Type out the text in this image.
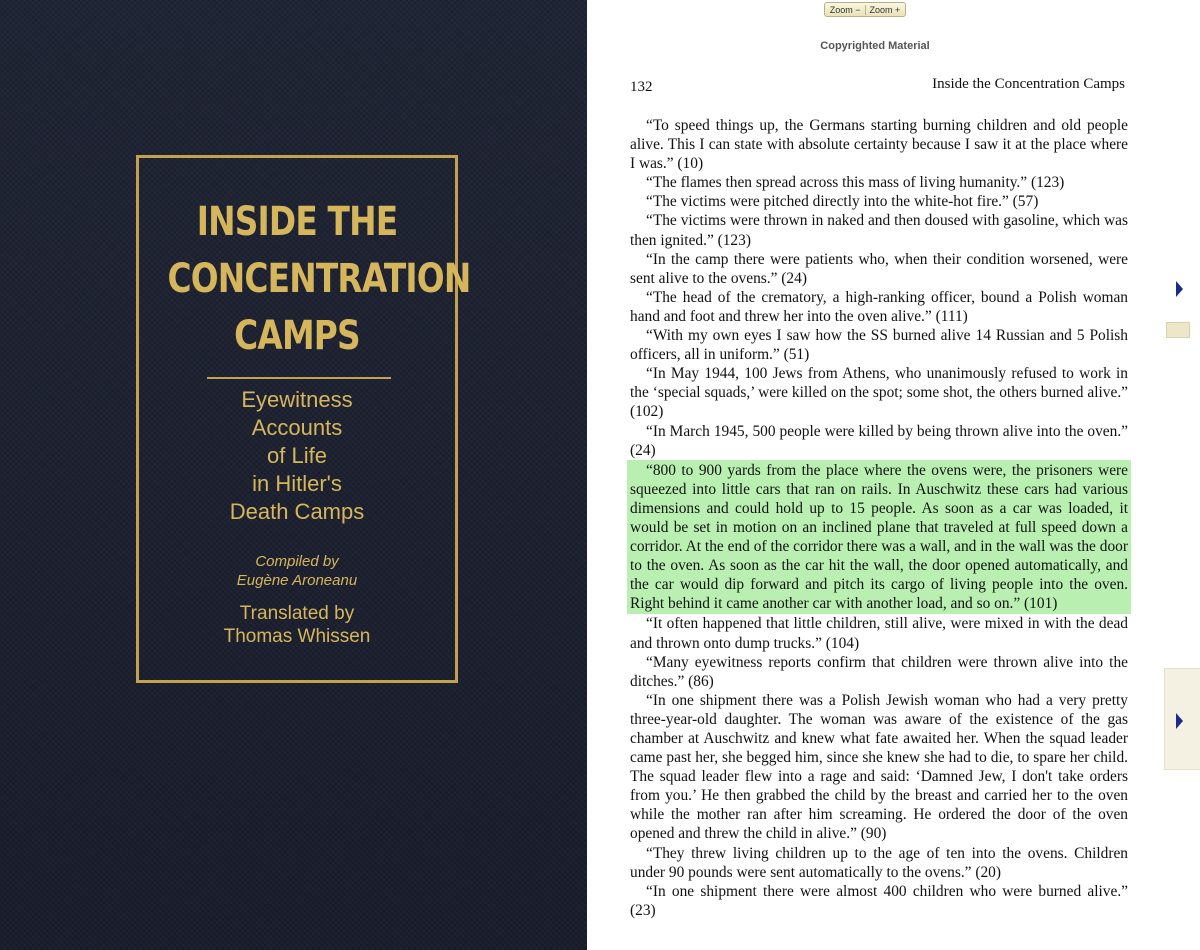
INSIDE THE
CONCENTRATION
CAMPS
Eyewitness
Accounts
of Life
in Hitler's
Death Camps
Compiled by
Eugène Aroneanu
Translated by
Thomas Whissen
Zoom −	Zoom +
Copyrighted Material
132	Inside the Concentration Camps

“To speed things up, the Germans starting burning children and old people alive. This I can state with absolute certainty because I saw it at the place where I was.” (10)

“The flames then spread across this mass of living humanity.” (123)

“The victims were pitched directly into the white-hot fire.” (57)

“The victims were thrown in naked and then doused with gasoline, which was then ignited.” (123)

“In the camp there were patients who, when their condition worsened, were sent alive to the ovens.” (24)

“The head of the crematory, a high-ranking officer, bound a Polish woman hand and foot and threw her into the oven alive.” (111)

“With my own eyes I saw how the SS burned alive 14 Russian and 5 Polish officers, all in uniform.” (51)

“In May 1944, 100 Jews from Athens, who unanimously refused to work in the ‘special squads,’ were killed on the spot; some shot, the others burned alive.” (102)

“In March 1945, 500 people were killed by being thrown alive into the oven.” (24)

“800 to 900 yards from the place where the ovens were, the prisoners were squeezed into little cars that ran on rails. In Auschwitz these cars had various dimensions and could hold up to 15 people. As soon as a car was loaded, it would be set in motion on an inclined plane that traveled at full speed down a corridor. At the end of the corridor there was a wall, and in the wall was the door to the oven. As soon as the car hit the wall, the door opened automatically, and the car would dip forward and pitch its cargo of living people into the oven. Right behind it came another car with another load, and so on.” (101)

“It often happened that little children, still alive, were mixed in with the dead and thrown onto dump trucks.” (104)

“Many eyewitness reports confirm that children were thrown alive into the ditches.” (86)

“In one shipment there was a Polish Jewish woman who had a very pretty three-year-old daughter. The woman was aware of the existence of the gas chamber at Auschwitz and knew what fate awaited her. When the squad leader came past her, she begged him, since she knew she had to die, to spare her child. The squad leader flew into a rage and said: ‘Damned Jew, I don't take orders from you.’ He then grabbed the child by the breast and carried her to the oven while the mother ran after him screaming. He ordered the door of the oven opened and threw the child in alive.” (90)

“They threw living children up to the age of ten into the ovens. Children under 90 pounds were sent automatically to the ovens.” (20)

“In one shipment there were almost 400 children who were burned alive.” (23)
